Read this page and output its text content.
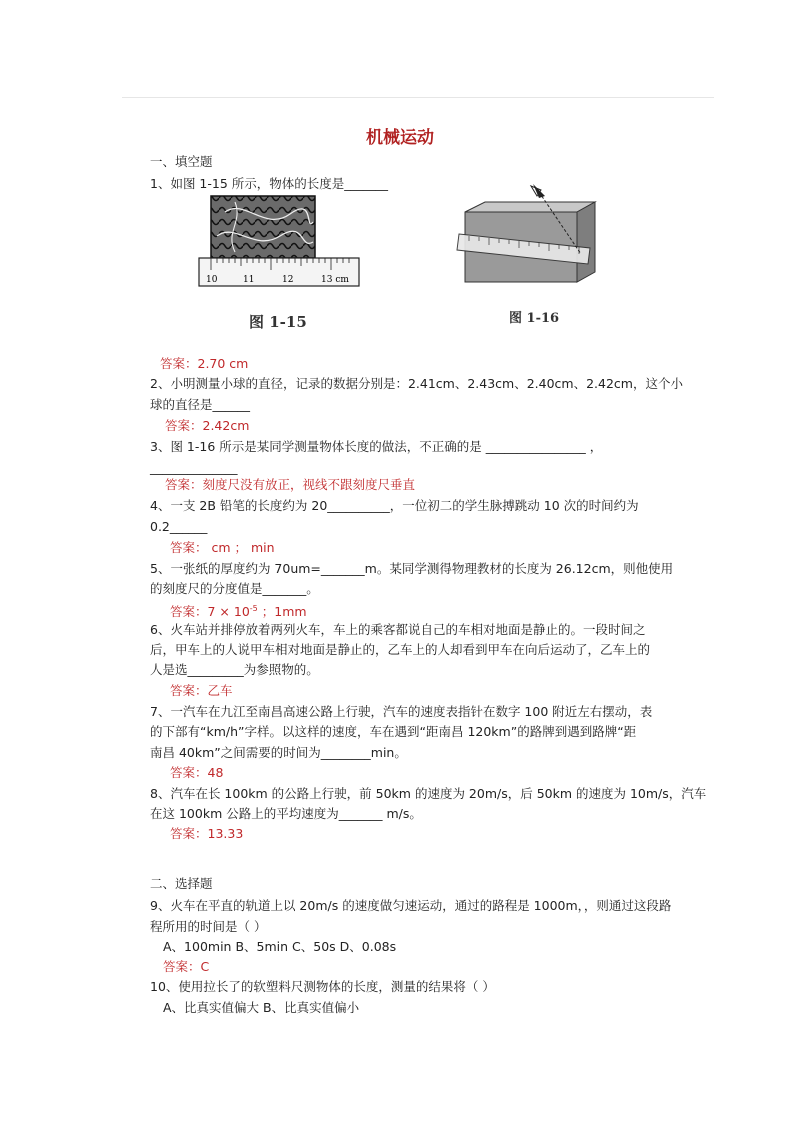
机械运动
一、填空题
1、如图 1-15 所示，物体的长度是_______
10	11	12	13 cm
图 1-15	图 1-16
答案：2.70 cm
2、小明测量小球的直径，记录的数据分别是：2.41cm、2.43cm、2.40cm、2.42cm，这个小
球的直径是______
答案：2.42cm
3、图 1-16 所示是某同学测量物体长度的做法，不正确的是 ________________ ，
______________
答案：刻度尺没有放正，视线不跟刻度尺垂直
4、一支 2B 铅笔的长度约为 20__________，一位初二的学生脉搏跳动 10 次的时间约为
0.2______
答案： cm ； min
5、一张纸的厚度约为 70um=_______m。某同学测得物理教材的长度为 26.12cm，则他使用
的刻度尺的分度值是_______。
答案：$7 \times 10^{-5}$ ；1mm
6、火车站并排停放着两列火车，车上的乘客都说自己的车相对地面是静止的。一段时间之
后，甲车上的人说甲车相对地面是静止的，乙车上的人却看到甲车在向后运动了，乙车上的
人是选_________为参照物的。
答案：乙车
7、一汽车在九江至南昌高速公路上行驶，汽车的速度表指针在数字 100 附近左右摆动，表
的下部有“km/h”字样。以这样的速度，车在遇到“距南昌 120km”的路牌到遇到路牌“距
南昌 40km”之间需要的时间为________min。
答案：48
8、汽车在长 100km 的公路上行驶，前 50km 的速度为 20m/s，后 50km 的速度为 10m/s，汽车
在这 100km 公路上的平均速度为_______ m/s。
答案：13.33
二、选择题
9、火车在平直的轨道上以 20m/s 的速度做匀速运动，通过的路程是 1000m，，则通过这段路
程所用的时间是（ ）
A、100min B、5min C、50s D、0.08s
答案：C
10、使用拉长了的软塑料尺测物体的长度，测量的结果将（ ）
A、比真实值偏大 B、比真实值偏小
